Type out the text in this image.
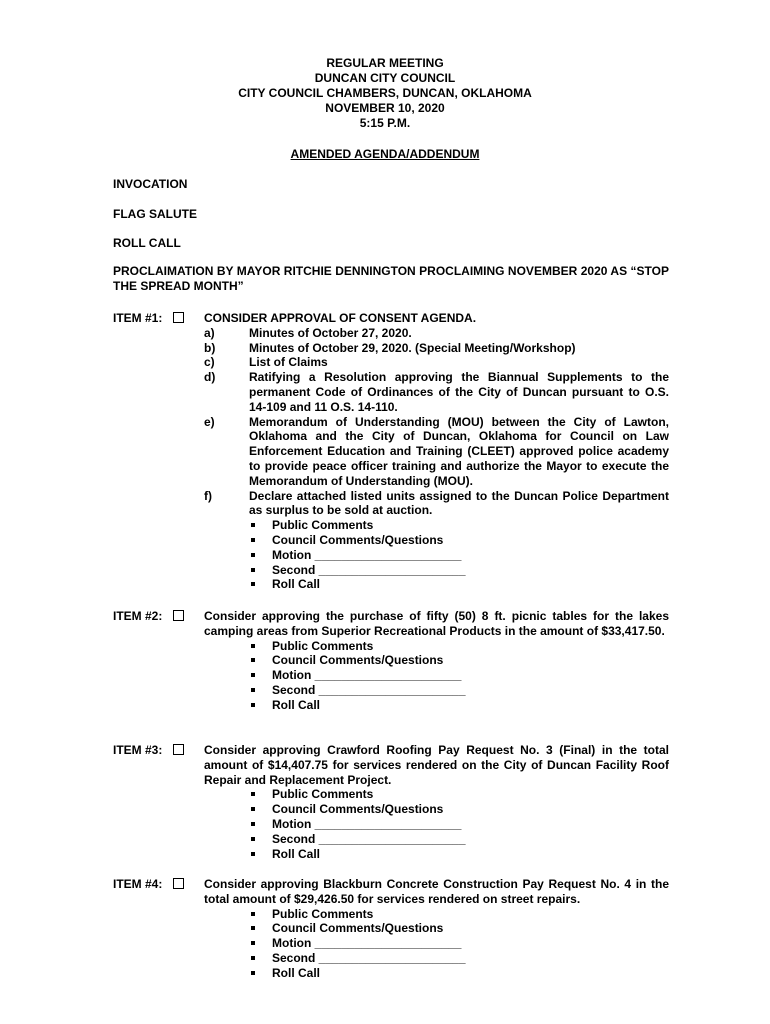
REGULAR MEETING
DUNCAN CITY COUNCIL
CITY COUNCIL CHAMBERS, DUNCAN, OKLAHOMA
NOVEMBER 10, 2020
5:15 P.M.
AMENDED AGENDA/ADDENDUM
INVOCATION
FLAG SALUTE
ROLL CALL
PROCLAIMATION BY MAYOR RITCHIE DENNINGTON PROCLAIMING NOVEMBER 2020 AS “STOP THE SPREAD MONTH”
ITEM #1:	CONSIDER APPROVAL OF CONSENT AGENDA.
a)	Minutes of October 27, 2020.
b)	Minutes of October 29, 2020. (Special Meeting/Workshop)
c)	List of Claims
d)	Ratifying a Resolution approving the Biannual Supplements to the permanent Code of Ordinances of the City of Duncan pursuant to O.S. 14-109 and 11 O.S. 14-110.
e)	Memorandum of Understanding (MOU) between the City of Lawton, Oklahoma and the City of Duncan, Oklahoma for Council on Law Enforcement Education and Training (CLEET) approved police academy to provide peace officer training and authorize the Mayor to execute the Memorandum of Understanding (MOU).
f)	Declare attached listed units assigned to the Duncan Police Department as surplus to be sold at auction.
Public Comments
Council Comments/Questions
Motion ______________________
Second ______________________
Roll Call
ITEM #2:	Consider approving the purchase of fifty (50) 8 ft. picnic tables for the lakes camping areas from Superior Recreational Products in the amount of $33,417.50.
Public Comments
Council Comments/Questions
Motion ______________________
Second ______________________
Roll Call
ITEM #3:	Consider approving Crawford Roofing Pay Request No. 3 (Final) in the total amount of $14,407.75 for services rendered on the City of Duncan Facility Roof Repair and Replacement Project.
Public Comments
Council Comments/Questions
Motion ______________________
Second ______________________
Roll Call
ITEM #4:	Consider approving Blackburn Concrete Construction Pay Request No. 4 in the total amount of $29,426.50 for services rendered on street repairs.
Public Comments
Council Comments/Questions
Motion ______________________
Second ______________________
Roll Call
